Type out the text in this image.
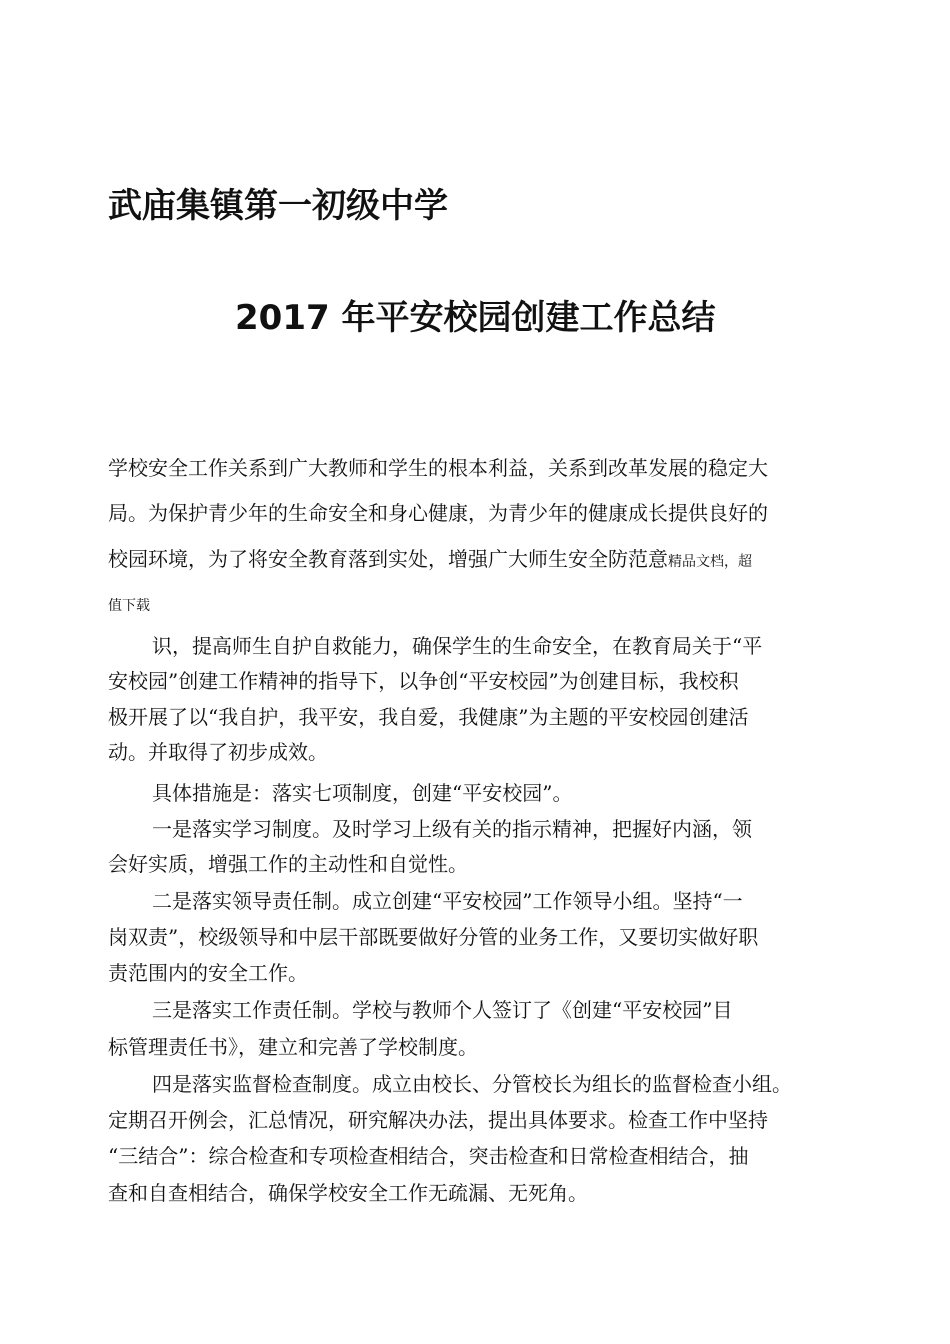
武庙集镇第一初级中学
2017 年平安校园创建工作总结

学校安全工作关系到广大教师和学生的根本利益，关系到改革发展的稳定大

局。为保护青少年的生命安全和身心健康，为青少年的健康成长提供良好的

校园环境，为了将安全教育落到实处，增强广大师生安全防范意精品文档，超

值下载

识，提高师生自护自救能力，确保学生的生命安全，在教育局关于“平

安校园”创建工作精神的指导下，以争创“平安校园”为创建目标，我校积

极开展了以“我自护，我平安，我自爱，我健康”为主题的平安校园创建活

动。并取得了初步成效。

具体措施是：落实七项制度，创建“平安校园”。

一是落实学习制度。及时学习上级有关的指示精神，把握好内涵，领

会好实质，增强工作的主动性和自觉性。

二是落实领导责任制。成立创建“平安校园”工作领导小组。坚持“一

岗双责”，校级领导和中层干部既要做好分管的业务工作，又要切实做好职

责范围内的安全工作。

三是落实工作责任制。学校与教师个人签订了《创建“平安校园”目

标管理责任书》，建立和完善了学校制度。

四是落实监督检查制度。成立由校长、分管校长为组长的监督检查小组。

定期召开例会，汇总情况，研究解决办法，提出具体要求。检查工作中坚持

“三结合”：综合检查和专项检查相结合，突击检查和日常检查相结合，抽

查和自查相结合，确保学校安全工作无疏漏、无死角。
